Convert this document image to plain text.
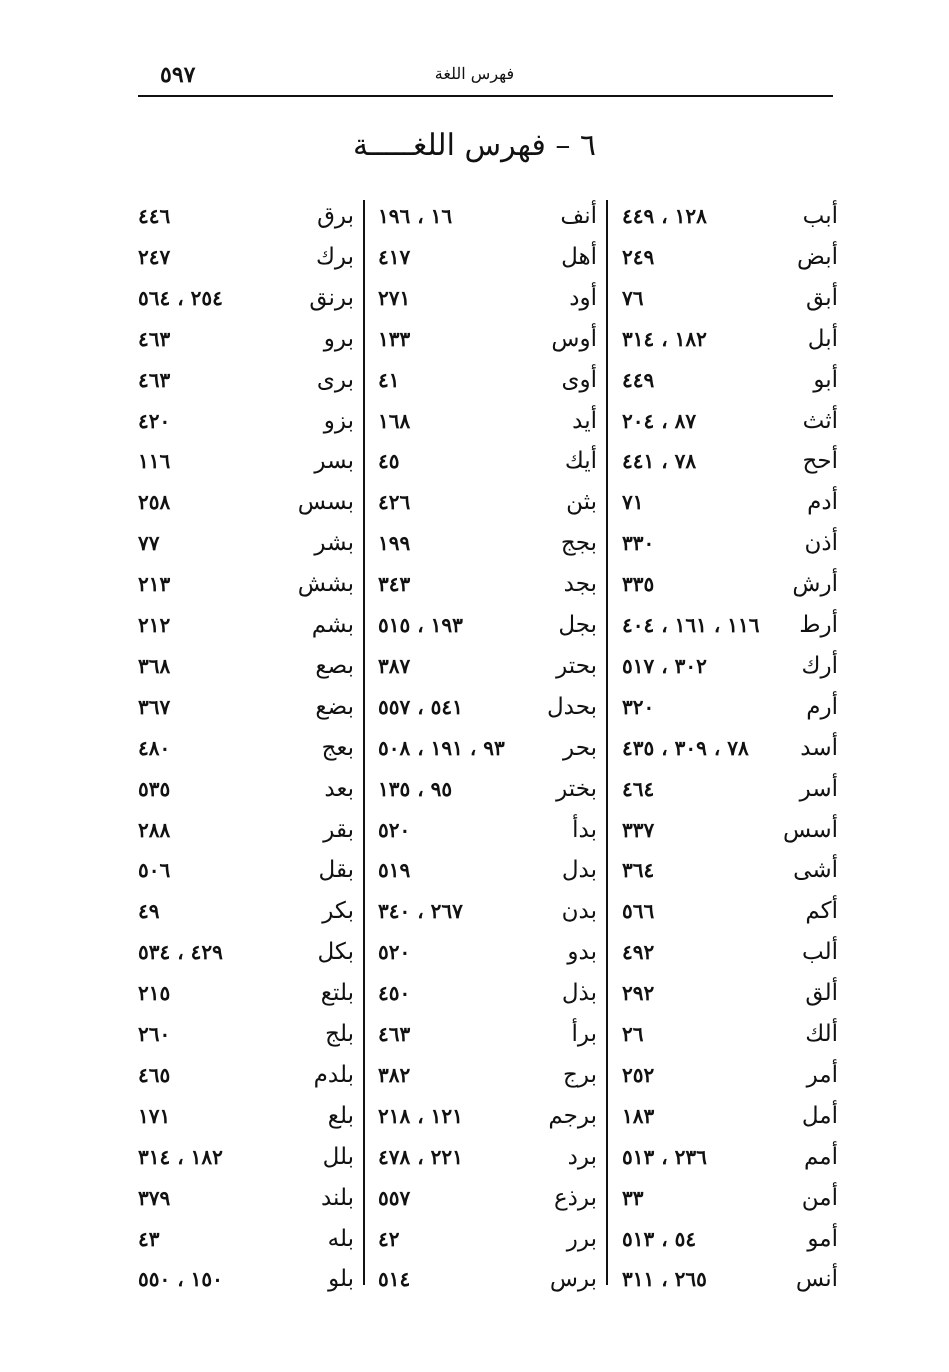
٥٩٧	فهرس اللغة
٦ – فهرس اللغـــــة
أبب
١٢٨ ، ٤٤٩
أبض
٢٤٩
أبق
٧٦
أبل
١٨٢ ، ٣١٤
أبو
٤٤٩
أثث
٨٧ ، ٢٠٤
أحح
٧٨ ، ٤٤١
أدم
٧١
أذن
٣٣٠
أرش
٣٣٥
أرط
١١٦ ، ١٦١ ، ٤٠٤
أرك
٣٠٢ ، ٥١٧
أرم
٣٢٠
أسد
٧٨ ، ٣٠٩ ، ٤٣٥
أسر
٤٦٤
أسس
٣٣٧
أشى
٣٦٤
أكم
٥٦٦
ألب
٤٩٢
ألق
٢٩٢
ألك
٢٦
أمر
٢٥٢
أمل
١٨٣
أمم
٢٣٦ ، ٥١٣
أمن
٣٣
أمو
٥٤ ، ٥١٣
أنس
٢٦٥ ، ٣١١
أنف
١٦ ، ١٩٦
أهل
٤١٧
أود
٢٧١
أوس
١٣٣
أوى
٤١
أيد
١٦٨
أيك
٤٥
بثن
٤٢٦
بجج
١٩٩
بجد
٣٤٣
بجل
١٩٣ ، ٥١٥
بحتر
٣٨٧
بحدل
٥٤١ ، ٥٥٧
بحر
٩٣ ، ١٩١ ، ٥٠٨
بختر
٩٥ ، ١٣٥
بدأ
٥٢٠
بدل
٥١٩
بدن
٢٦٧ ، ٣٤٠
بدو
٥٢٠
بذل
٤٥٠
برأ
٤٦٣
برج
٣٨٢
برجم
١٢١ ، ٢١٨
برد
٢٢١ ، ٤٧٨
برذع
٥٥٧
برر
٤٢
برس
٥١٤
برق
٤٤٦
برك
٢٤٧
برنق
٢٥٤ ، ٥٦٤
برو
٤٦٣
برى
٤٦٣
بزو
٤٢٠
بسر
١١٦
بسس
٢٥٨
بشر
٧٧
بشش
٢١٣
بشم
٢١٢
بصع
٣٦٨
بضع
٣٦٧
بعج
٤٨٠
بعد
٥٣٥
بقر
٢٨٨
بقل
٥٠٦
بكر
٤٩
بكل
٤٢٩ ، ٥٣٤
بلتع
٢١٥
بلج
٢٦٠
بلدم
٤٦٥
بلع
١٧١
بلل
١٨٢ ، ٣١٤
بلند
٣٧٩
بله
٤٣
بلو
١٥٠ ، ٥٥٠
